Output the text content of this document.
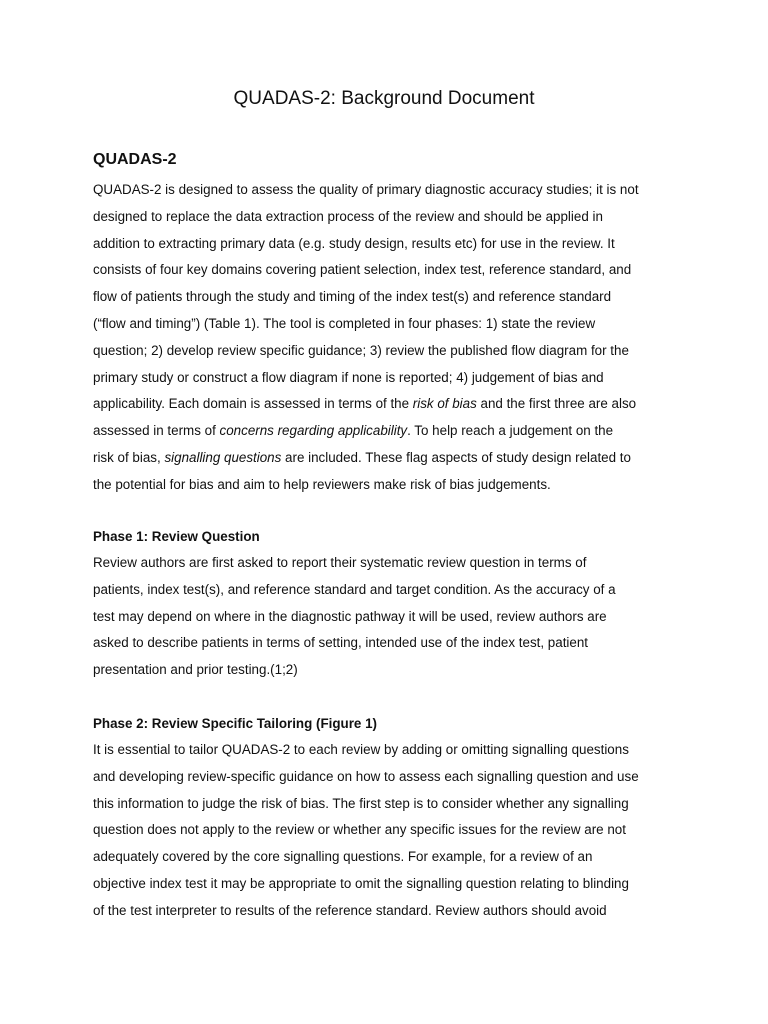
QUADAS-2: Background Document
QUADAS-2

QUADAS-2 is designed to assess the quality of primary diagnostic accuracy studies; it is not
designed to replace the data extraction process of the review and should be applied in
addition to extracting primary data (e.g. study design, results etc) for use in the review. It
consists of four key domains covering patient selection, index test, reference standard, and
flow of patients through the study and timing of the index test(s) and reference standard
(“flow and timing”) (Table 1). The tool is completed in four phases: 1) state the review
question; 2) develop review specific guidance; 3) review the published flow diagram for the
primary study or construct a flow diagram if none is reported; 4) judgement of bias and
applicability. Each domain is assessed in terms of the risk of bias and the first three are also
assessed in terms of concerns regarding applicability. To help reach a judgement on the
risk of bias, signalling questions are included. These flag aspects of study design related to
the potential for bias and aim to help reviewers make risk of bias judgements.

Phase 1: Review Question

Review authors are first asked to report their systematic review question in terms of
patients, index test(s), and reference standard and target condition. As the accuracy of a
test may depend on where in the diagnostic pathway it will be used, review authors are
asked to describe patients in terms of setting, intended use of the index test, patient
presentation and prior testing.(1;2)

Phase 2: Review Specific Tailoring (Figure 1)

It is essential to tailor QUADAS-2 to each review by adding or omitting signalling questions
and developing review-specific guidance on how to assess each signalling question and use
this information to judge the risk of bias. The first step is to consider whether any signalling
question does not apply to the review or whether any specific issues for the review are not
adequately covered by the core signalling questions. For example, for a review of an
objective index test it may be appropriate to omit the signalling question relating to blinding
of the test interpreter to results of the reference standard. Review authors should avoid
